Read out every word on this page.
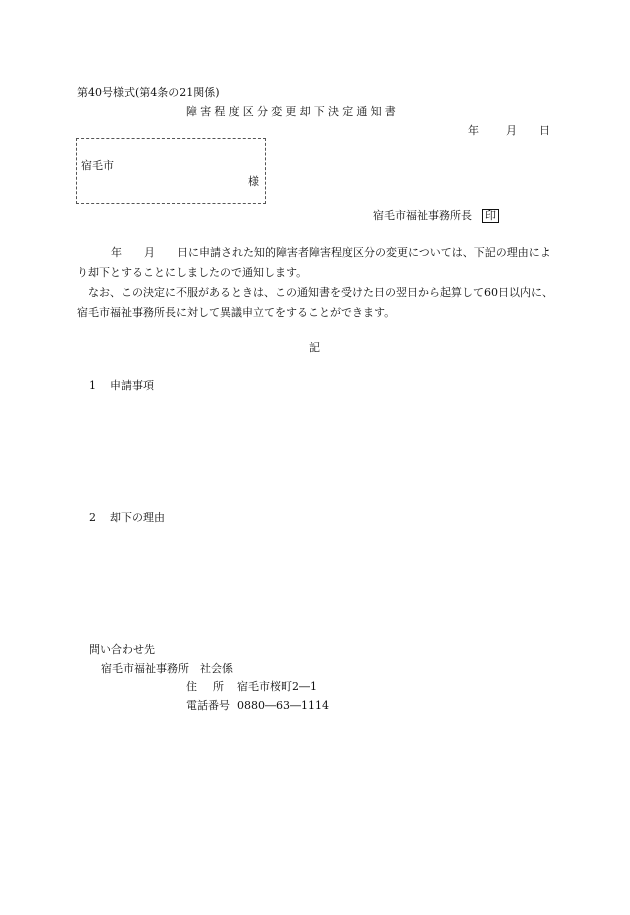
第40号様式(第4条の21関係)
障害程度区分変更却下決定通知書
年 月 日
宿毛市
様
宿毛市福祉事務所長 印
年　　月　　日に申請された知的障害者障害程度区分の変更については、下記の理由により却下とすることにしましたので通知します。
なお、この決定に不服があるときは、この通知書を受けた日の翌日から起算して60日以内に、宿毛市福祉事務所長に対して異議申立てをすることができます。
記
1 申請事項
2 却下の理由
問い合わせ先
宿毛市福祉事務所　社会係
住所宿毛市桜町2―1
電話番号 0880―63―1114
